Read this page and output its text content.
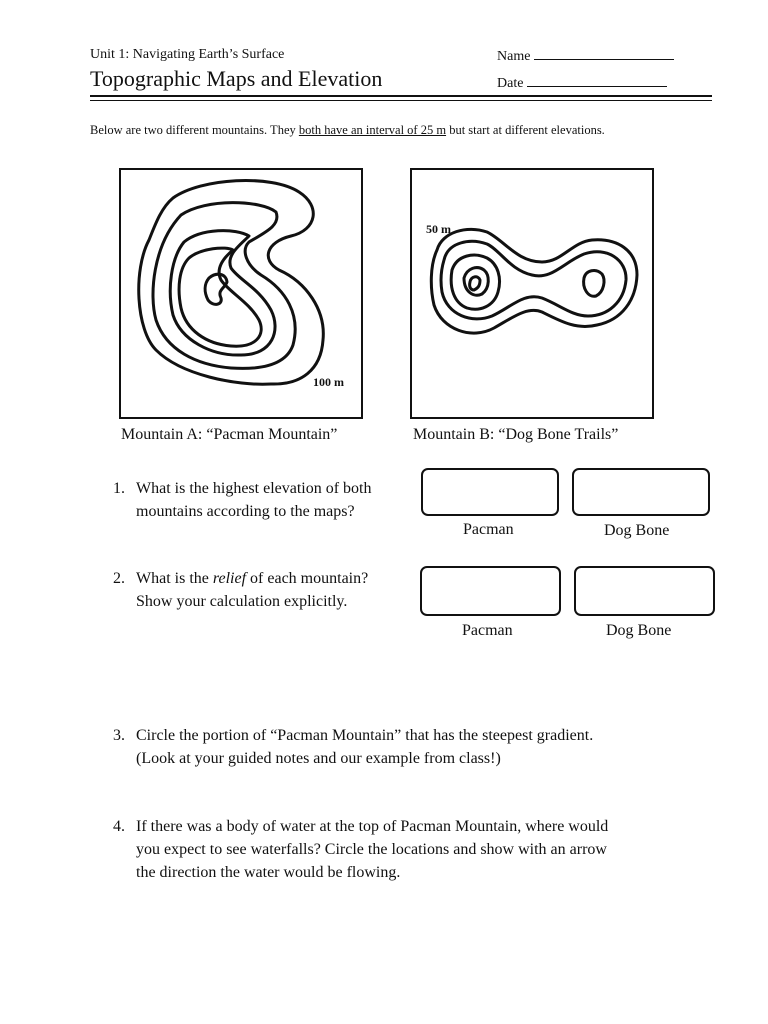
Unit 1: Navigating Earth’s Surface
Topographic Maps and Elevation
Name
Date
Below are two different mountains. They both have an interval of 25 m but start at different elevations.
100 m
Mountain A: “Pacman Mountain”
50 m
Mountain B: “Dog Bone Trails”
1. What is the highest elevation of both
mountains according to the maps?
Pacman	Dog Bone
2. What is the relief of each mountain?
Show your calculation explicitly.
Pacman	Dog Bone
3. Circle the portion of “Pacman Mountain” that has the steepest gradient.
(Look at your guided notes and our example from class!)
4. If there was a body of water at the top of Pacman Mountain, where would
you expect to see waterfalls? Circle the locations and show with an arrow
the direction the water would be flowing.
